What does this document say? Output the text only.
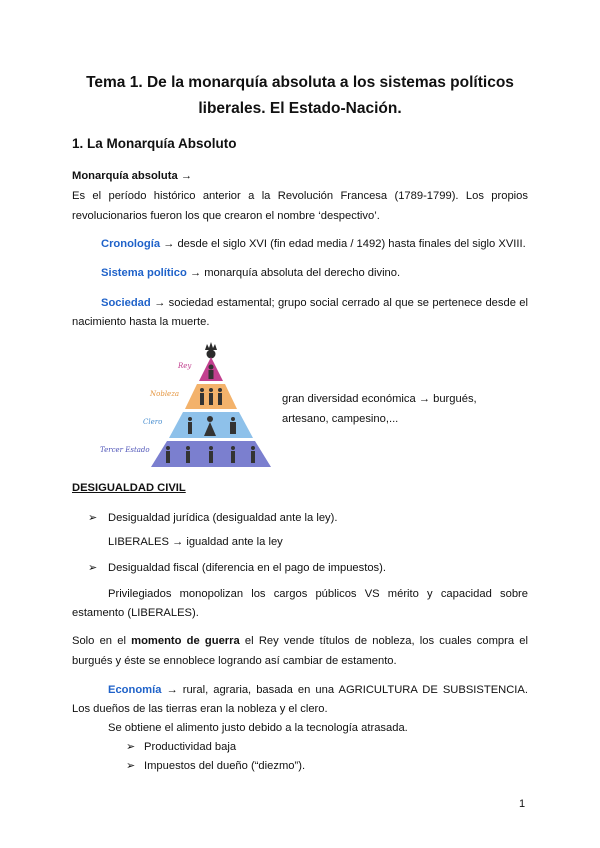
Tema 1. De la monarquía absoluta a los sistemas políticos
liberales. El Estado-Nación.
1. La Monarquía Absoluto
Monarquía absoluta →
Es el período histórico anterior a la Revolución Francesa (1789-1799). Los propios
revolucionarios fueron los que crearon el nombre ‘despectivo’.
Cronología → desde el siglo XVI (fin edad media / 1492) hasta finales del siglo XVIII.
Sistema político → monarquía absoluta del derecho divino.
Sociedad → sociedad estamental; grupo social cerrado al que se pertenece desde el
nacimiento hasta la muerte.
Rey
Nobleza
Clero
Tercer Estado
gran diversidad económica → burgués,
artesano, campesino,...
DESIGUALDAD CIVIL
➢ Desigualdad jurídica (desigualdad ante la ley).
LIBERALES → igualdad ante la ley
➢ Desigualdad fiscal (diferencia en el pago de impuestos).
Privilegiados monopolizan los cargos públicos VS mérito y capacidad sobre
estamento (LIBERALES).
Solo en el momento de guerra el Rey vende títulos de nobleza, los cuales compra el
burgués y éste se ennoblece logrando así cambiar de estamento.
Economía → rural, agraria, basada en una AGRICULTURA DE SUBSISTENCIA.
Los dueños de las tierras eran la nobleza y el clero.
Se obtiene el alimento justo debido a la tecnología atrasada.
➢ Productividad baja
➢ Impuestos del dueño (“diezmo”).
1
